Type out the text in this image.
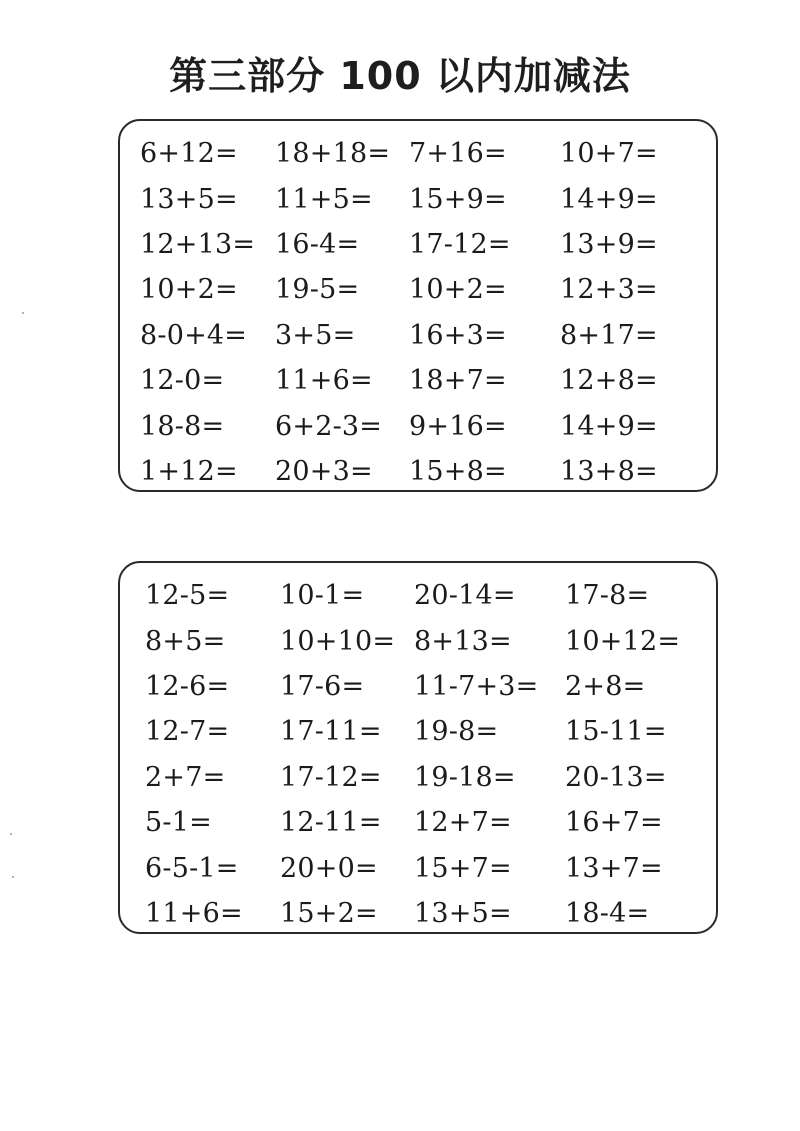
第三部分 100 以内加减法
6+12=	18+18= 7+16=	10+7=
13+5=	11+5=	15+9=	14+9=
12+13= 16-4=	17-12=	13+9=
10+2=	19-5=	10+2=	12+3=
8-0+4=	3+5=	16+3=	8+17=
12-0=	11+6=	18+7=	12+8=
18-8=	6+2-3= 9+16=	14+9=
1+12=	20+3=	15+8=	13+8=
12-5=	10-1=	20-14=	17-8=
8+5=	10+10= 8+13=	10+12=
12-6=	17-6=	11-7+3= 2+8=
12-7=	17-11=	19-8=	15-11=
2+7=	17-12=	19-18=	20-13=
5-1=	12-11=	12+7=	16+7=
6-5-1=	20+0=	15+7=	13+7=
11+6=	15+2=	13+5=	18-4=
